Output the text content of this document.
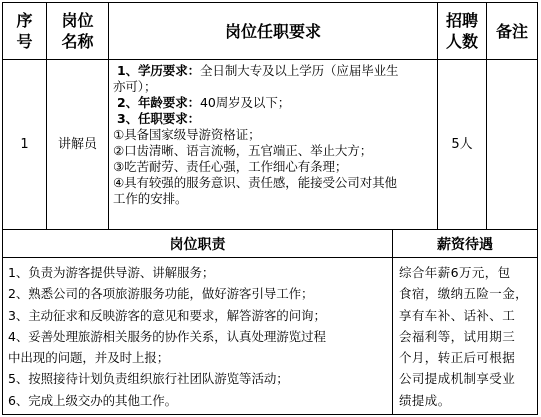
序
号
岗位
名称
岗位任职要求
招聘
人数
备注
1 讲解员
1、学历要求：全日制大专及以上学历（应届毕业生
亦可）；
2、年龄要求：40周岁及以下；
3、任职要求：
①具备国家级导游资格证；
②口齿清晰、语言流畅，五官端正、举止大方；
③吃苦耐劳、责任心强，工作细心有条理；
④具有较强的服务意识、责任感，能接受公司对其他
工作的安排。
5人
岗位职责	薪资待遇
1、负责为游客提供导游、讲解服务；
2、熟悉公司的各项旅游服务功能，做好游客引导工作；
3、主动征求和反映游客的意见和要求，解答游客的问询；
4、妥善处理旅游相关服务的协作关系，认真处理游览过程
中出现的问题，并及时上报；
5、按照接待计划负责组织旅行社团队游览等活动；
6、完成上级交办的其他工作。
综合年薪6万元，包
食宿，缴纳五险一金，
享有车补、话补、工
会福利等，试用期三
个月，转正后可根据
公司提成机制享受业
绩提成。
